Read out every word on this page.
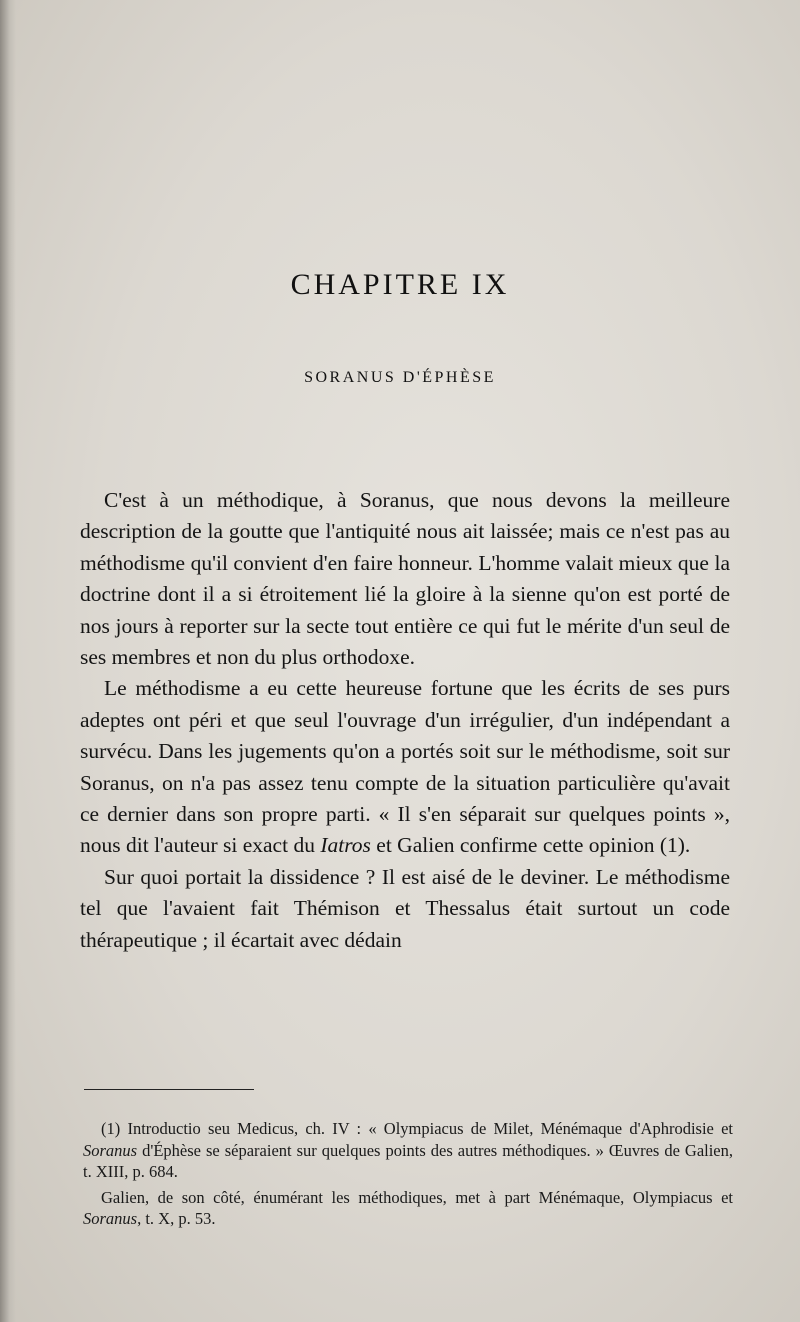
CHAPITRE IX
SORANUS D'ÉPHÈSE

C'est à un méthodique, à Soranus, que nous devons la meilleure description de la goutte que l'antiquité nous ait laissée; mais ce n'est pas au méthodisme qu'il convient d'en faire honneur. L'homme valait mieux que la doctrine dont il a si étroitement lié la gloire à la sienne qu'on est porté de nos jours à reporter sur la secte tout entière ce qui fut le mérite d'un seul de ses membres et non du plus orthodoxe.

Le méthodisme a eu cette heureuse fortune que les écrits de ses purs adeptes ont péri et que seul l'ouvrage d'un irrégulier, d'un indépendant a survécu. Dans les jugements qu'on a portés soit sur le méthodisme, soit sur Soranus, on n'a pas assez tenu compte de la situation particulière qu'avait ce dernier dans son propre parti. « Il s'en séparait sur quelques points », nous dit l'auteur si exact du Iatros et Galien confirme cette opinion (1).

Sur quoi portait la dissidence ? Il est aisé de le deviner. Le méthodisme tel que l'avaient fait Thémison et Thessalus était surtout un code thérapeutique ; il écartait avec dédain

(1) Introductio seu Medicus, ch. IV : « Olympiacus de Milet, Ménémaque d'Aphrodisie et Soranus d'Éphèse se séparaient sur quelques points des autres méthodiques. » Œuvres de Galien, t. XIII, p. 684.

Galien, de son côté, énumérant les méthodiques, met à part Ménémaque, Olympiacus et Soranus, t. X, p. 53.
